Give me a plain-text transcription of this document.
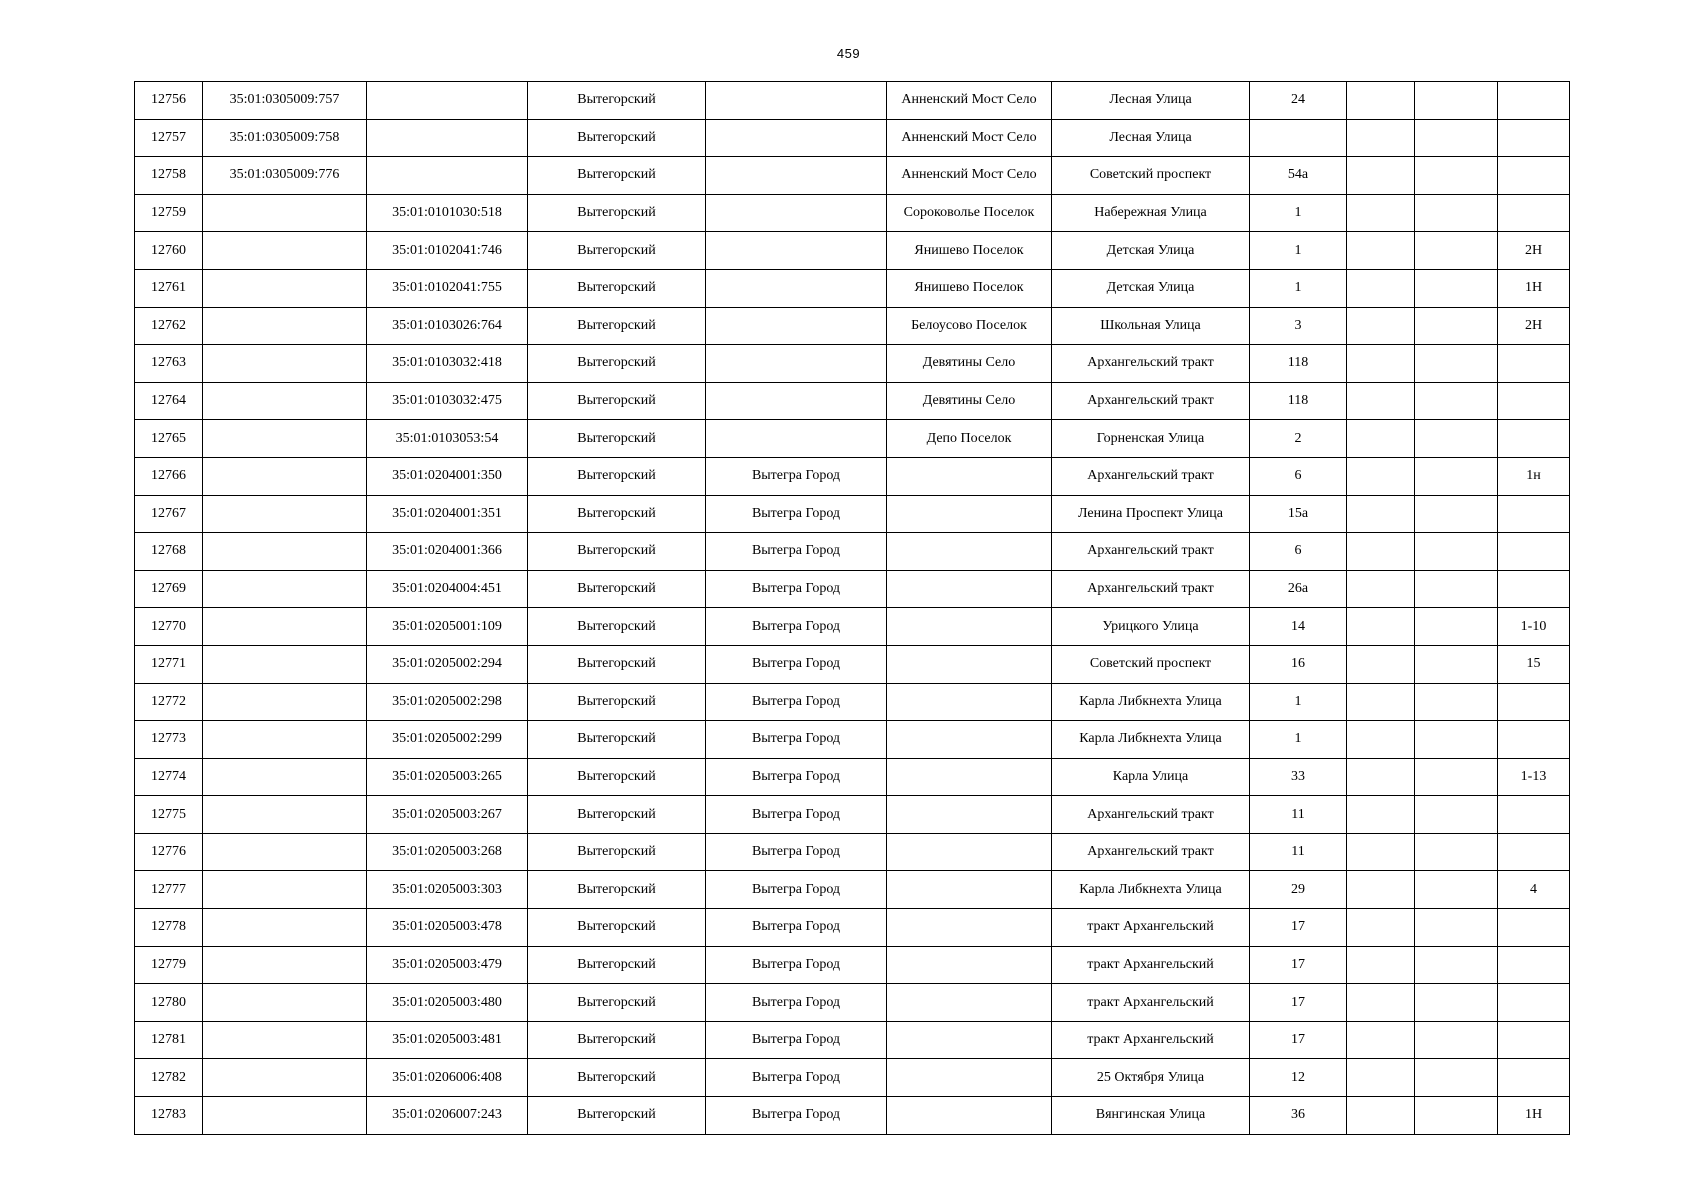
459
12756	35:01:0305009:757		Вытегорский		Анненский Мост Село	Лесная Улица	24			
12757	35:01:0305009:758		Вытегорский		Анненский Мост Село	Лесная Улица				
12758	35:01:0305009:776		Вытегорский		Анненский Мост Село	Советский проспект	54а			
12759		35:01:0101030:518	Вытегорский		Сороковолье Поселок	Набережная Улица	1			
12760		35:01:0102041:746	Вытегорский		Янишево Поселок	Детская Улица	1			2Н
12761		35:01:0102041:755	Вытегорский		Янишево Поселок	Детская Улица	1			1Н
12762		35:01:0103026:764	Вытегорский		Белоусово Поселок	Школьная Улица	3			2Н
12763		35:01:0103032:418	Вытегорский		Девятины Село	Архангельский тракт	118			
12764		35:01:0103032:475	Вытегорский		Девятины Село	Архангельский тракт	118			
12765		35:01:0103053:54	Вытегорский		Депо Поселок	Горненская Улица	2			
12766		35:01:0204001:350	Вытегорский	Вытегра Город		Архангельский тракт	6			1н
12767		35:01:0204001:351	Вытегорский	Вытегра Город		Ленина Проспект Улица	15а			
12768		35:01:0204001:366	Вытегорский	Вытегра Город		Архангельский тракт	6			
12769		35:01:0204004:451	Вытегорский	Вытегра Город		Архангельский тракт	26а			
12770		35:01:0205001:109	Вытегорский	Вытегра Город		Урицкого Улица	14			1-10
12771		35:01:0205002:294	Вытегорский	Вытегра Город		Советский проспект	16			15
12772		35:01:0205002:298	Вытегорский	Вытегра Город		Карла Либкнехта Улица	1			
12773		35:01:0205002:299	Вытегорский	Вытегра Город		Карла Либкнехта Улица	1			
12774		35:01:0205003:265	Вытегорский	Вытегра Город		Карла Улица	33			1-13
12775		35:01:0205003:267	Вытегорский	Вытегра Город		Архангельский тракт	11			
12776		35:01:0205003:268	Вытегорский	Вытегра Город		Архангельский тракт	11			
12777		35:01:0205003:303	Вытегорский	Вытегра Город		Карла Либкнехта Улица	29			4
12778		35:01:0205003:478	Вытегорский	Вытегра Город		тракт Архангельский	17			
12779		35:01:0205003:479	Вытегорский	Вытегра Город		тракт Архангельский	17			
12780		35:01:0205003:480	Вытегорский	Вытегра Город		тракт Архангельский	17			
12781		35:01:0205003:481	Вытегорский	Вытегра Город		тракт Архангельский	17			
12782		35:01:0206006:408	Вытегорский	Вытегра Город		25 Октября Улица	12			
12783		35:01:0206007:243	Вытегорский	Вытегра Город		Вянгинская Улица	36			1Н
